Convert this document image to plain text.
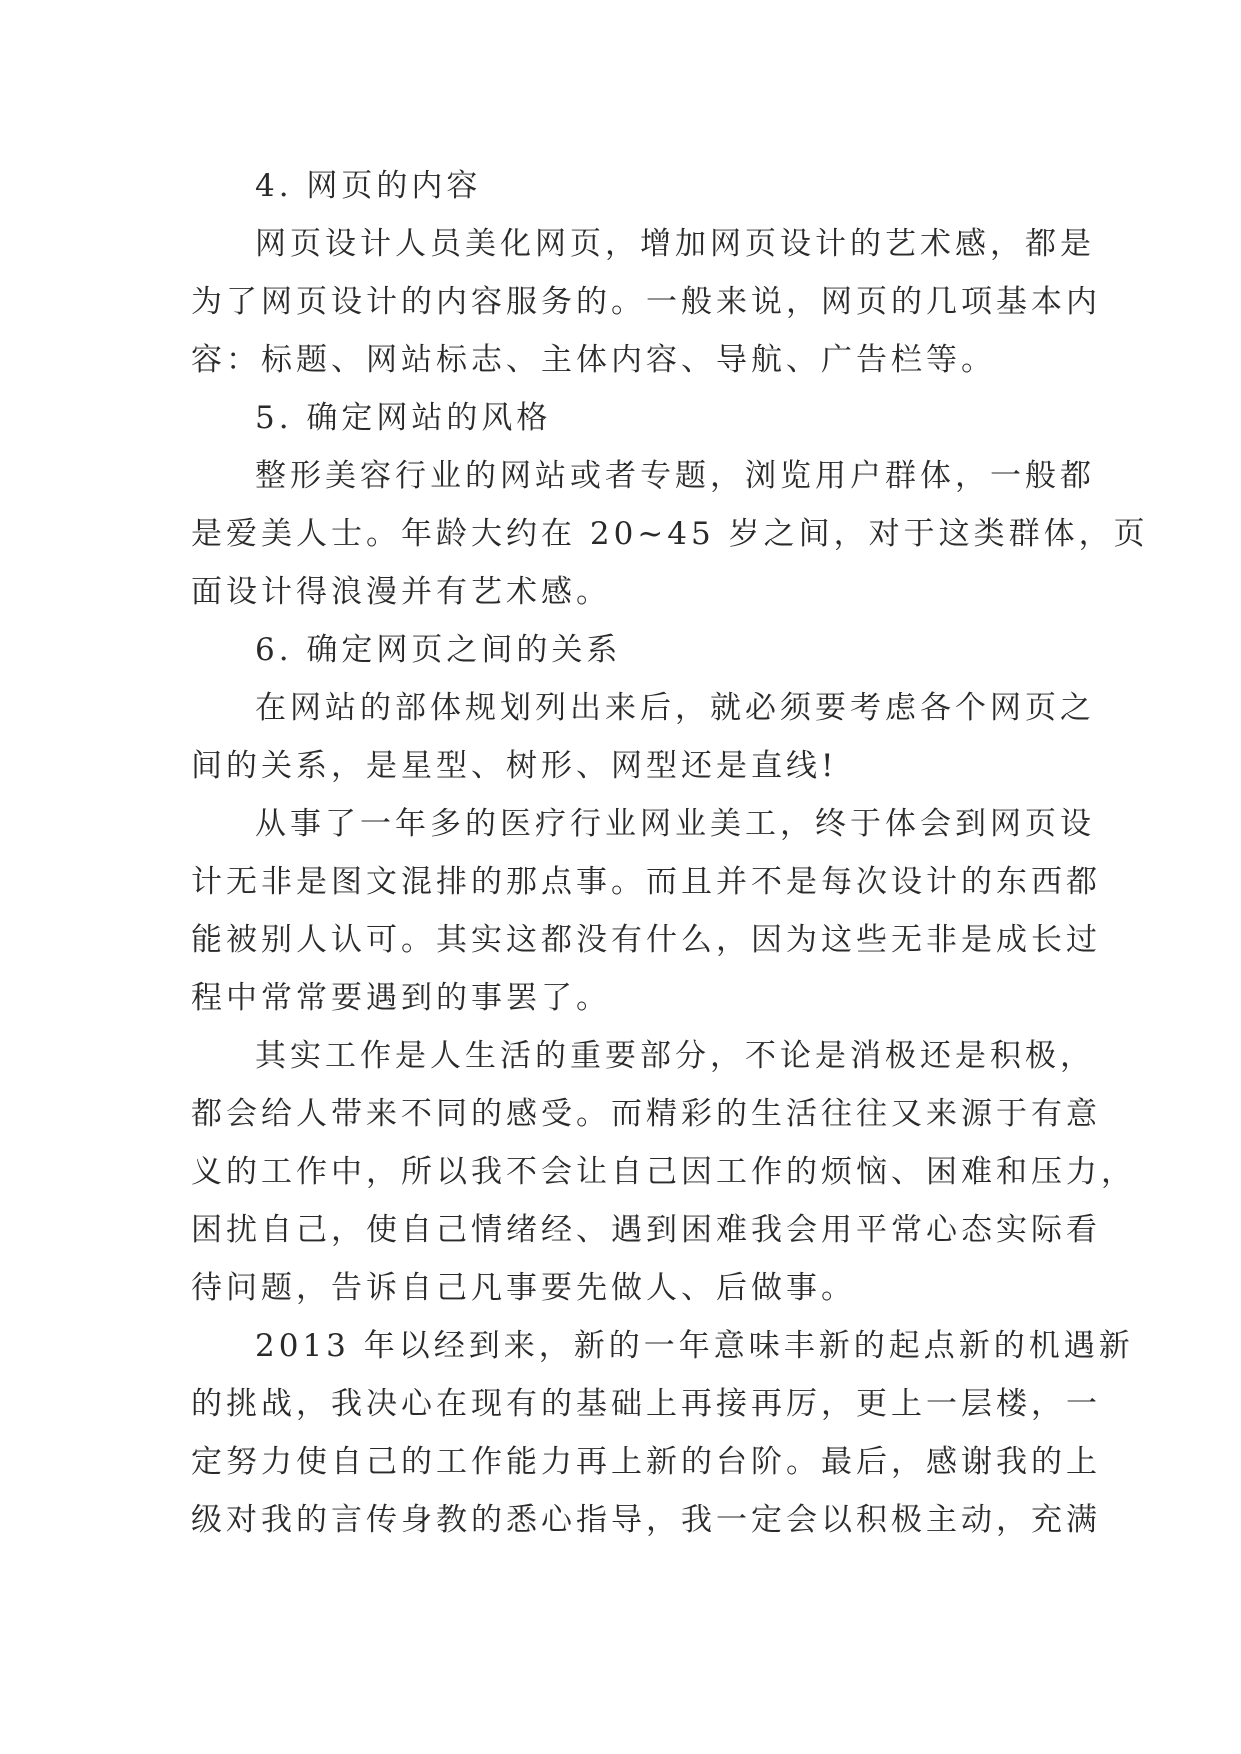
4. 网页的内容
网页设计人员美化网页，增加网页设计的艺术感，都是
为了网页设计的内容服务的。一般来说，网页的几项基本内
容：标题、网站标志、主体内容、导航、广告栏等。
5. 确定网站的风格
整形美容行业的网站或者专题，浏览用户群体，一般都
是爱美人士。年龄大约在 20~45 岁之间，对于这类群体，页
面设计得浪漫并有艺术感。
6. 确定网页之间的关系
在网站的部体规划列出来后，就必须要考虑各个网页之
间的关系，是星型、树形、网型还是直线!
从事了一年多的医疗行业网业美工，终于体会到网页设
计无非是图文混排的那点事。而且并不是每次设计的东西都
能被别人认可。其实这都没有什么，因为这些无非是成长过
程中常常要遇到的事罢了。
其实工作是人生活的重要部分，不论是消极还是积极，
都会给人带来不同的感受。而精彩的生活往往又来源于有意
义的工作中，所以我不会让自己因工作的烦恼、困难和压力，
困扰自己，使自己情绪经、遇到困难我会用平常心态实际看
待问题，告诉自己凡事要先做人、后做事。
2013 年以经到来，新的一年意味丰新的起点新的机遇新
的挑战，我决心在现有的基础上再接再厉，更上一层楼，一
定努力使自己的工作能力再上新的台阶。最后，感谢我的上
级对我的言传身教的悉心指导，我一定会以积极主动，充满
